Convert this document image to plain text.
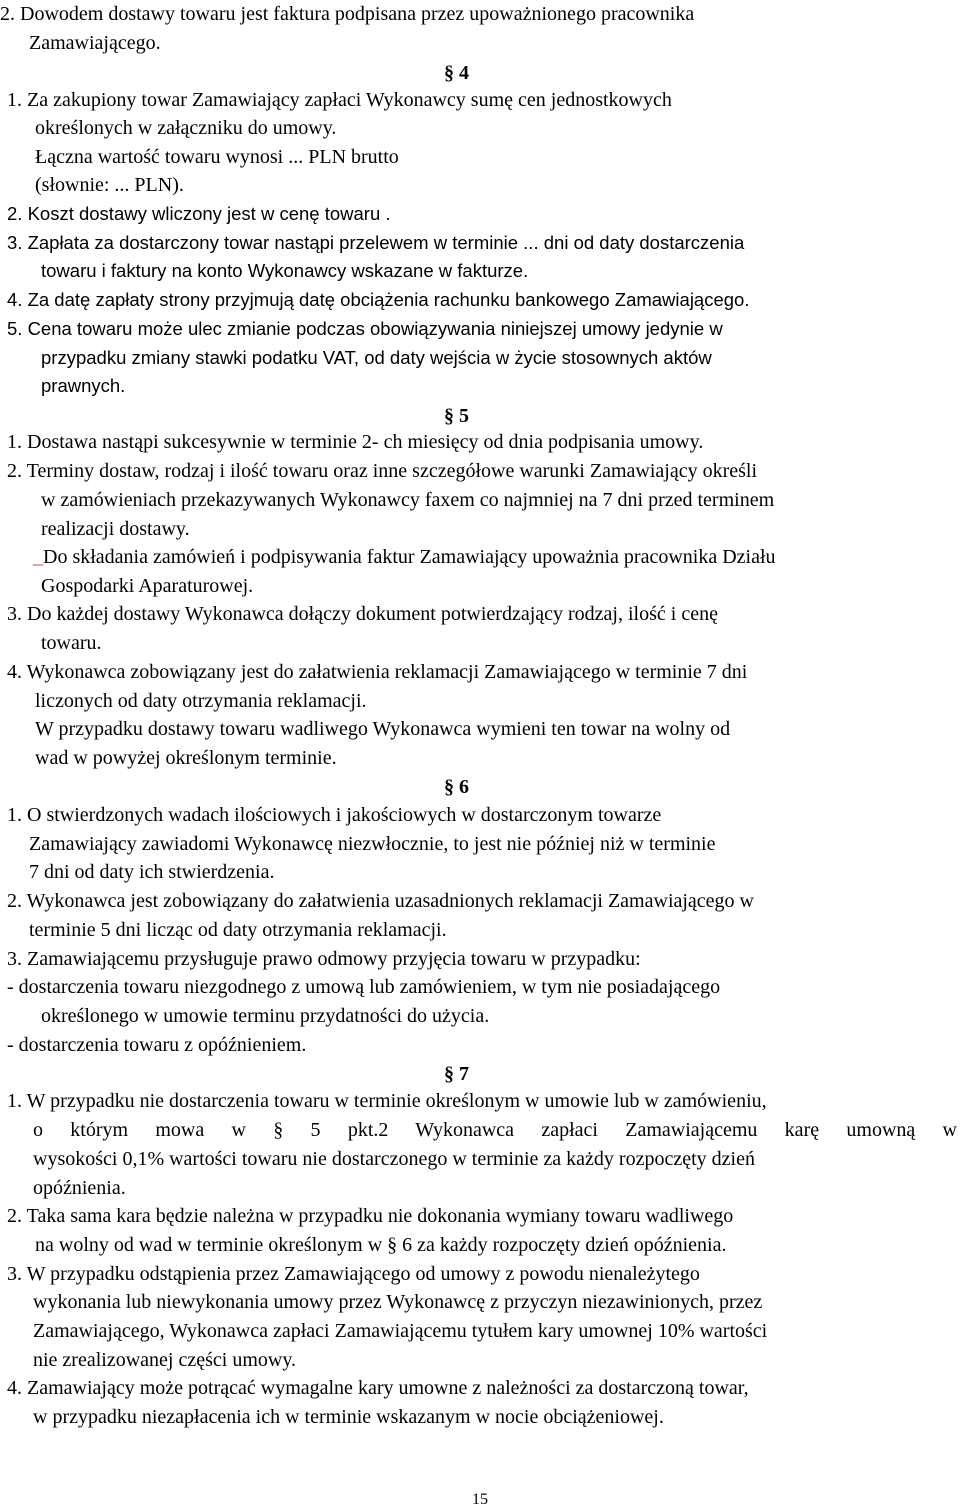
2. Dowodem dostawy towaru jest faktura podpisana przez upoważnionego pracownika
Zamawiającego.
§ 4
1. Za zakupiony towar Zamawiający zapłaci Wykonawcy sumę cen jednostkowych
określonych w załączniku do umowy.
Łączna wartość towaru wynosi ... PLN brutto
(słownie: ... PLN).
2. Koszt dostawy wliczony jest w cenę towaru .
3. Zapłata za dostarczony towar nastąpi przelewem w terminie ... dni od daty dostarczenia
towaru i faktury na konto Wykonawcy wskazane w fakturze.
4. Za datę zapłaty strony przyjmują datę obciążenia rachunku bankowego Zamawiającego.
5. Cena towaru może ulec zmianie podczas obowiązywania niniejszej umowy jedynie w
przypadku zmiany stawki podatku VAT, od daty wejścia w życie stosownych aktów
prawnych.
§ 5
1. Dostawa nastąpi sukcesywnie w terminie 2- ch miesięcy od dnia podpisania umowy.
2. Terminy dostaw, rodzaj i ilość towaru oraz inne szczegółowe warunki Zamawiający określi
w zamówieniach przekazywanych Wykonawcy faxem co najmniej na 7 dni przed terminem
realizacji dostawy.
_Do składania zamówień i podpisywania faktur Zamawiający upoważnia pracownika Działu
Gospodarki Aparaturowej.
3. Do każdej dostawy Wykonawca dołączy dokument potwierdzający rodzaj, ilość i cenę
towaru.
4. Wykonawca zobowiązany jest do załatwienia reklamacji Zamawiającego w terminie 7 dni
liczonych od daty otrzymania reklamacji.
W przypadku dostawy towaru wadliwego Wykonawca wymieni ten towar na wolny od
wad w powyżej określonym terminie.
§ 6
1. O stwierdzonych wadach ilościowych i jakościowych w dostarczonym towarze
Zamawiający zawiadomi Wykonawcę niezwłocznie, to jest nie później niż w terminie
7 dni od daty ich stwierdzenia.
2. Wykonawca jest zobowiązany do załatwienia uzasadnionych reklamacji Zamawiającego w
terminie 5 dni licząc od daty otrzymania reklamacji.
3. Zamawiającemu przysługuje prawo odmowy przyjęcia towaru w przypadku:
- dostarczenia towaru niezgodnego z umową lub zamówieniem, w tym nie posiadającego
określonego w umowie terminu przydatności do użycia.
- dostarczenia towaru z opóźnieniem.
§ 7
1. W przypadku nie dostarczenia towaru w terminie określonym w umowie lub w zamówieniu,
o którym mowa w § 5 pkt.2 Wykonawca zapłaci Zamawiającemu karę umowną w
wysokości 0,1% wartości towaru nie dostarczonego w terminie za każdy rozpoczęty dzień
opóźnienia.
2. Taka sama kara będzie należna w przypadku nie dokonania wymiany towaru wadliwego
na wolny od wad w terminie określonym w § 6 za każdy rozpoczęty dzień opóźnienia.
3. W przypadku odstąpienia przez Zamawiającego od umowy z powodu nienależytego
wykonania lub niewykonania umowy przez Wykonawcę z przyczyn niezawinionych, przez
Zamawiającego, Wykonawca zapłaci Zamawiającemu tytułem kary umownej 10% wartości
nie zrealizowanej części umowy.
4. Zamawiający może potrącać wymagalne kary umowne z należności za dostarczoną towar,
w przypadku niezapłacenia ich w terminie wskazanym w nocie obciążeniowej.
15
